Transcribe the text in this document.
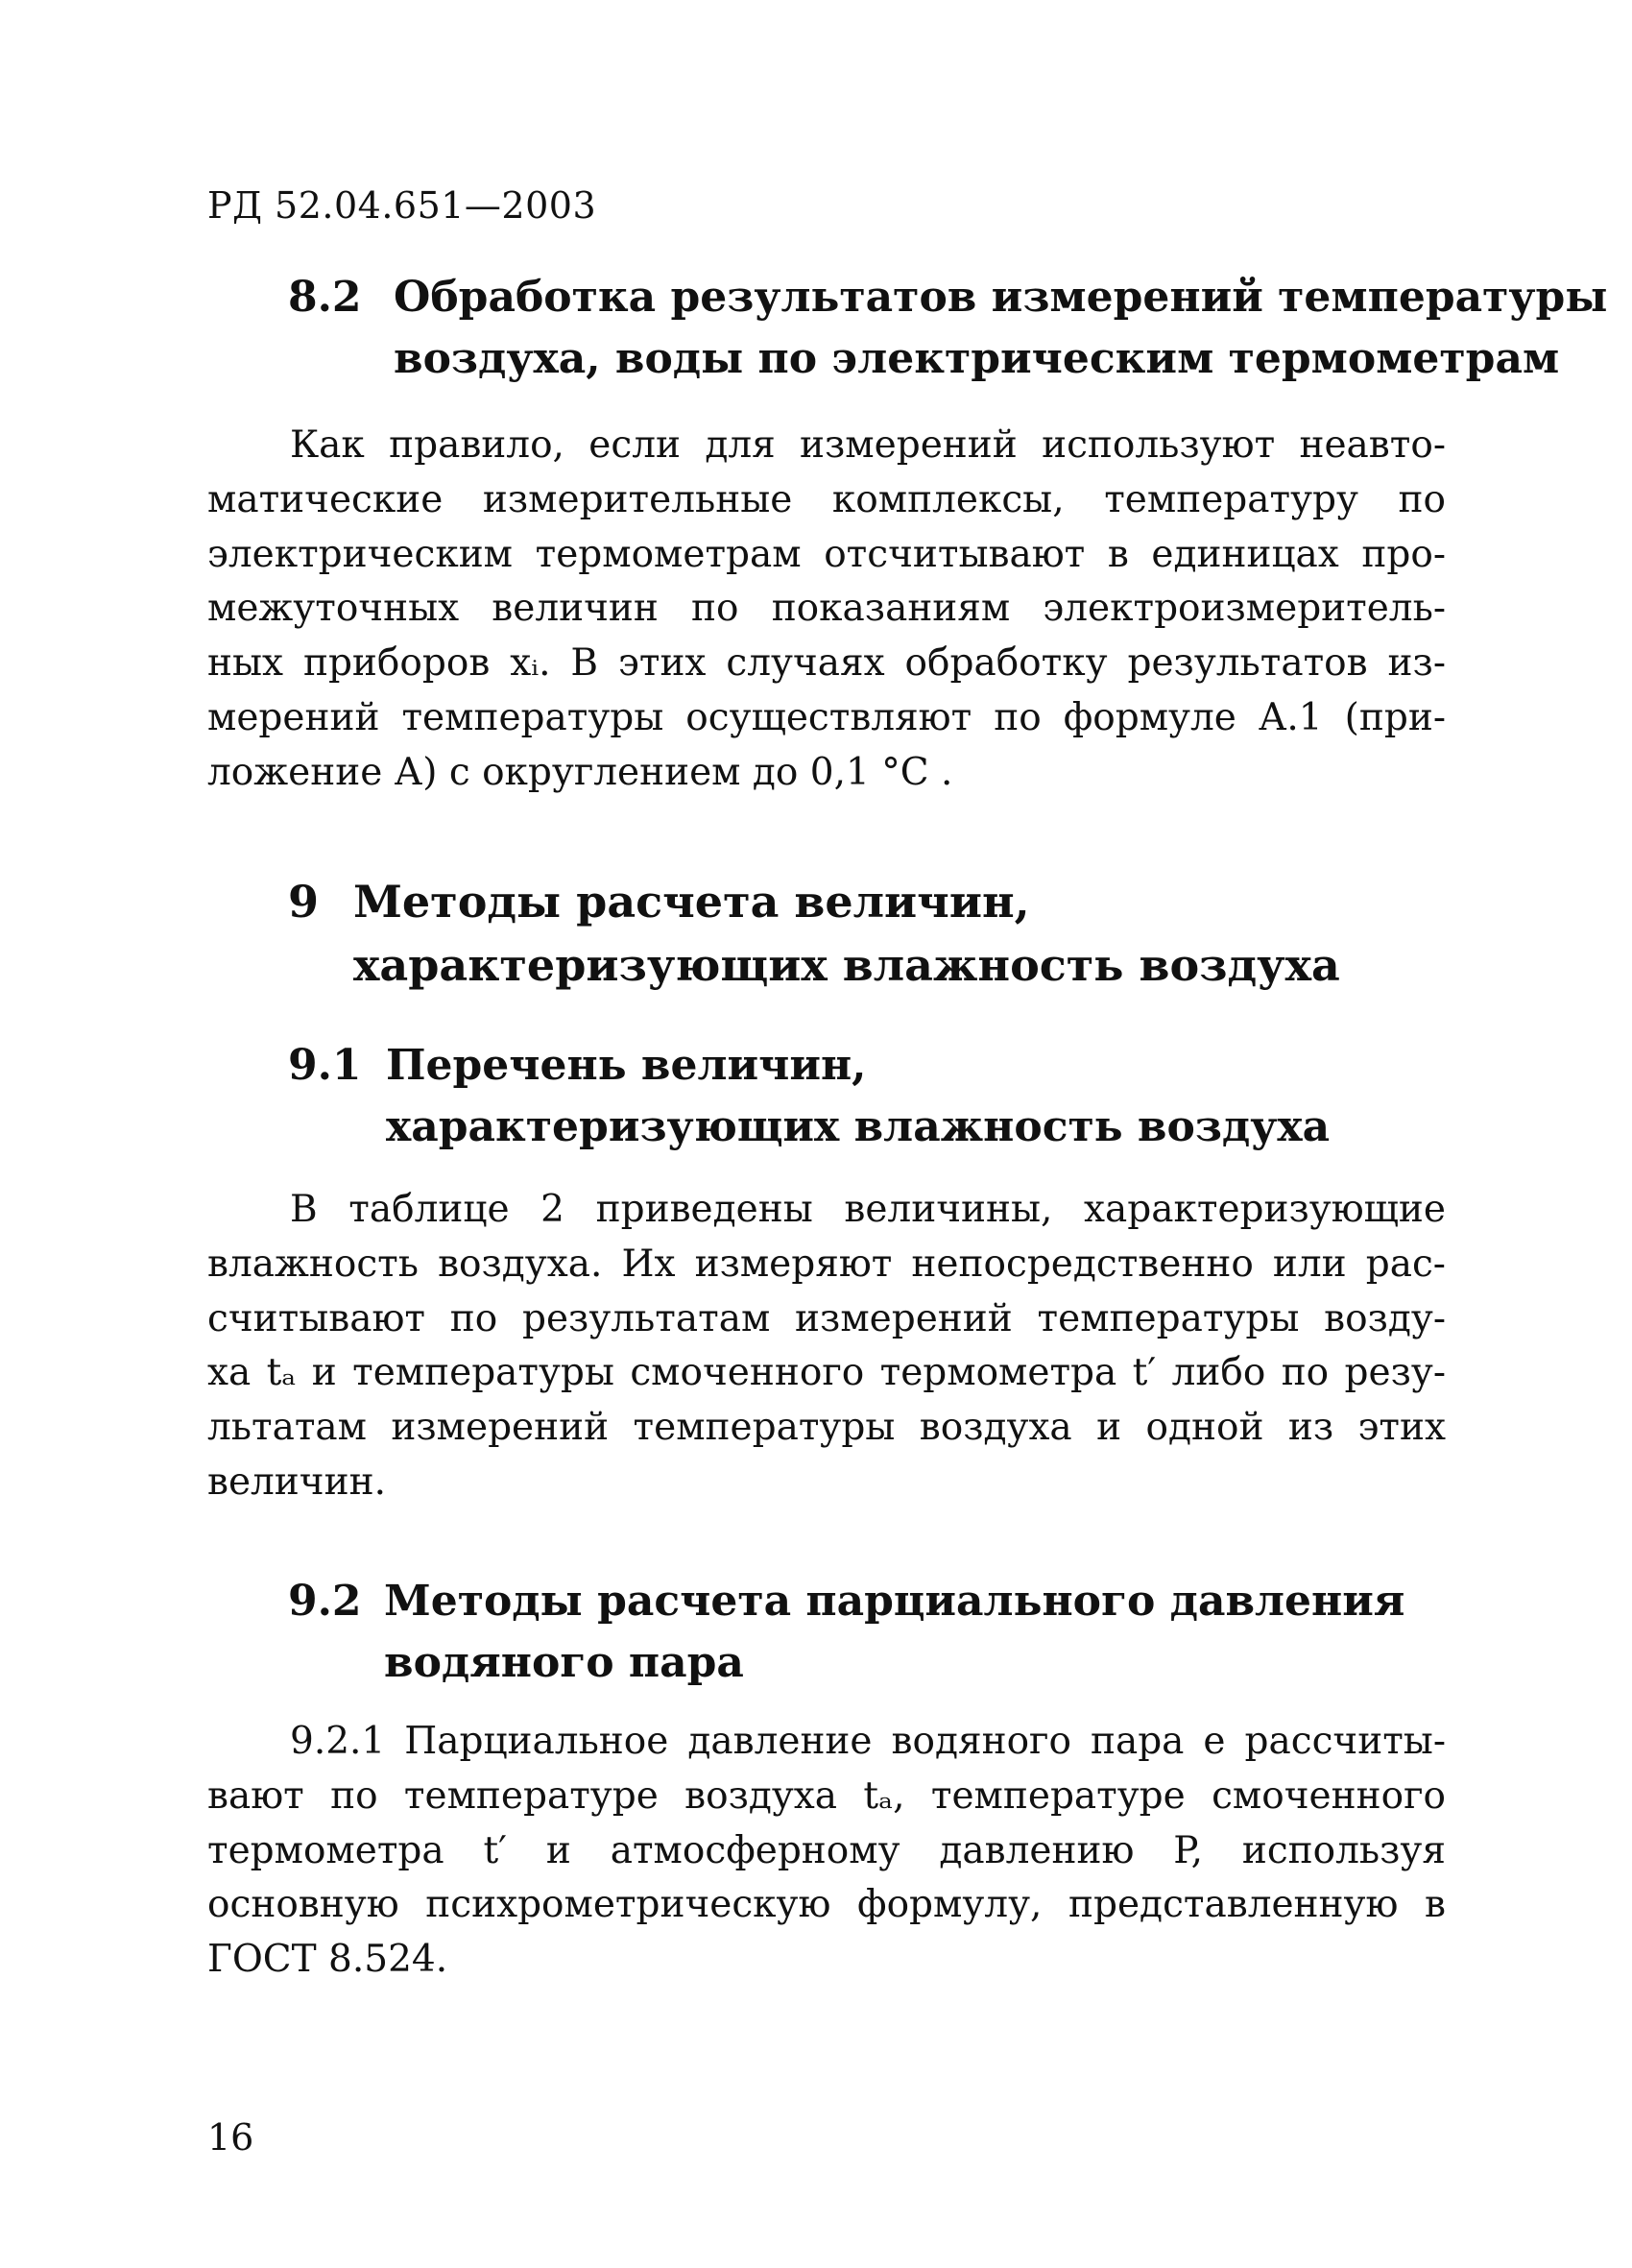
РД 52.04.651—2003

8.2 Обработка результатов измерений температуры
воздуха, воды по электрическим термометрам

Как правило, если для измерений используют неавто-
матические измерительные комплексы, температуру по
электрическим термометрам отсчитывают в единицах про-
межуточных величин по показаниям электроизмеритель-
ных приборов xᵢ. В этих случаях обработку результатов из-
мерений температуры осуществляют по формуле А.1 (при-
ложение А) с округлением до 0,1 °С .

9 Методы расчета величин,
характеризующих влажность воздуха
9.1 Перечень величин,
характеризующих влажность воздуха

В таблице 2 приведены величины, характеризующие
влажность воздуха. Их измеряют непосредственно или рас-
считывают по результатам измерений температуры возду-
ха tₐ и температуры смоченного термометра t′ либо по резу-
льтатам измерений температуры воздуха и одной из этих
величин.

9.2 Методы расчета парциального давления
водяного пара

9.2.1 Парциальное давление водяного пара e рассчиты-
вают по температуре воздуха tₐ, температуре смоченного
термометра t′ и атмосферному давлению P, используя
основную психрометрическую формулу, представленную в
ГОСТ 8.524.

16
